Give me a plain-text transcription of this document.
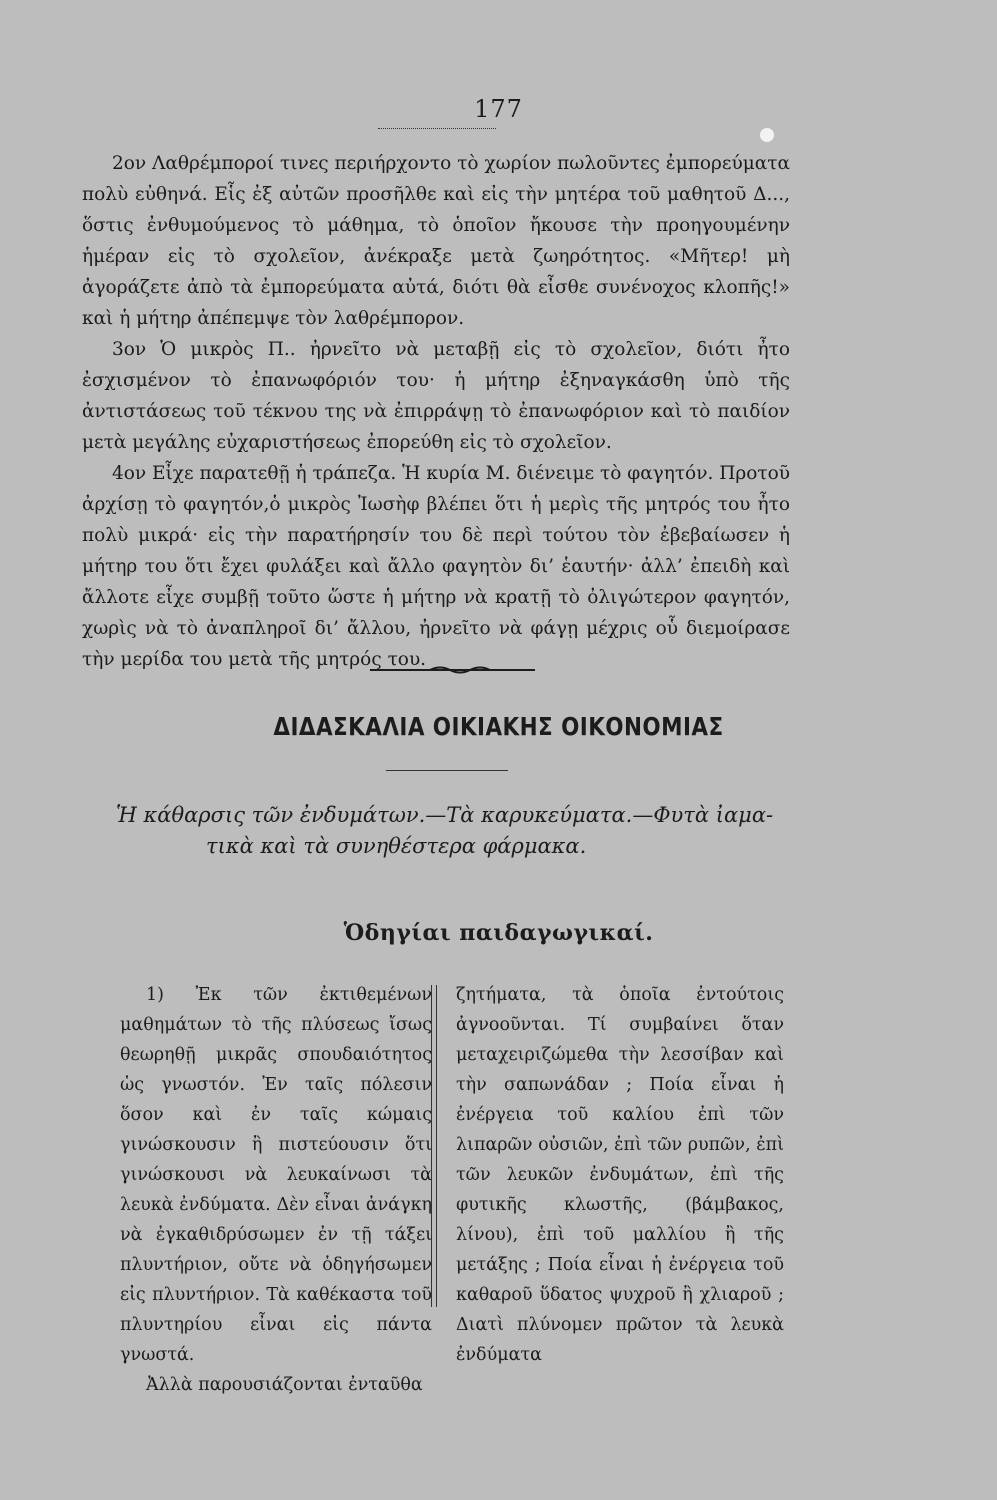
177

2ον Λαθρέμποροί τινες περιήρχοντο τὸ χωρίον πωλοῦντες ἐμπορεύματα πολὺ εὐθηνά. Εἷς ἐξ αὐτῶν προσῆλθε καὶ εἰς τὴν μητέρα τοῦ μαθητοῦ Δ..., ὅστις ἐνθυμούμενος τὸ μάθημα, τὸ ὁποῖον ἤκουσε τὴν προηγουμένην ἡμέραν εἰς τὸ σχολεῖον, ἀνέκραξε μετὰ ζωηρότητος. «Μῆτερ! μὴ ἀγοράζετε ἀπὸ τὰ ἐμπορεύματα αὐτά, διότι θὰ εἶσθε συνένοχος κλοπῆς!» καὶ ἡ μήτηρ ἀπέπεμψε τὸν λαθρέμπορον.

3ον Ὁ μικρὸς Π.. ἠρνεῖτο νὰ μεταβῇ εἰς τὸ σχολεῖον, διότι ἦτο ἐσχισμένον τὸ ἐπανωφόριόν του· ἡ μήτηρ ἐξηναγκάσθη ὑπὸ τῆς ἀντιστάσεως τοῦ τέκνου της νὰ ἐπιρράψῃ τὸ ἐπανωφόριον καὶ τὸ παιδίον μετὰ μεγάλης εὐχαριστήσεως ἐπορεύθη εἰς τὸ σχολεῖον.

4ον Εἶχε παρατεθῇ ἡ τράπεζα. Ἡ κυρία Μ. διένειμε τὸ φαγητόν. Προτοῦ ἀρχίσῃ τὸ φαγητόν,ὁ μικρὸς Ἰωσὴφ βλέπει ὅτι ἡ μερὶς τῆς μητρός του ἦτο πολὺ μικρά· εἰς τὴν παρατήρησίν του δὲ περὶ τούτου τὸν ἐβεβαίωσεν ἡ μήτηρ του ὅτι ἔχει φυλάξει καὶ ἄλλο φαγητὸν δι’ ἑαυτήν· ἀλλ’ ἐπειδὴ καὶ ἄλλοτε εἶχε συμβῇ τοῦτο ὥστε ἡ μήτηρ νὰ κρατῇ τὸ ὀλιγώτερον φαγητόν, χωρὶς νὰ τὸ ἀναπληροῖ δι’ ἄλλου, ἠρνεῖτο νὰ φάγῃ μέχρις οὗ διεμοίρασε τὴν μερίδα του μετὰ τῆς μητρός του.

ΔΙΔΑΣΚΑΛΙΑ ΟΙΚΙΑΚΗΣ ΟΙΚΟΝΟΜΙΑΣ
Ἡ κάθαρσις τῶν ἐνδυμάτων.—Τὰ καρυκεύματα.—Φυτὰ ἰαμα-
τικὰ καὶ τὰ συνηθέστερα φάρμακα.
Ὁδηγίαι παιδαγωγικαί.

1) Ἐκ τῶν ἐκτιθεμένων μαθημάτων τὸ τῆς πλύσεως ἴσως θεωρηθῇ μικρᾶς σπουδαιότητος ὡς γνωστόν. Ἐν ταῖς πόλεσιν ὅσον καὶ ἐν ταῖς κώμαις γινώσκουσιν ἢ πιστεύουσιν ὅτι γινώσκουσι νὰ λευκαίνωσι τὰ λευκὰ ἐνδύματα. Δὲν εἶναι ἀνάγκη νὰ ἐγκαθιδρύσωμεν ἐν τῇ τάξει πλυντήριον, οὔτε νὰ ὁδηγήσωμεν εἰς πλυντήριον. Τὰ καθέκαστα τοῦ πλυντηρίου εἶναι εἰς πάντα γνωστά.

Ἀλλὰ παρουσιάζονται ἐνταῦθα

ζητήματα, τὰ ὁποῖα ἐντούτοις ἀγνοοῦνται. Τί συμβαίνει ὅταν μεταχειριζώμεθα τὴν λεσσίβαν καὶ τὴν σαπωνάδαν ; Ποία εἶναι ἡ ἐνέργεια τοῦ καλίου ἐπὶ τῶν λιπαρῶν οὐσιῶν, ἐπὶ τῶν ρυπῶν, ἐπὶ τῶν λευκῶν ἐνδυμάτων, ἐπὶ τῆς φυτικῆς κλωστῆς, (βάμβακος, λίνου), ἐπὶ τοῦ μαλλίου ἢ τῆς μετάξης ; Ποία εἶναι ἡ ἐνέργεια τοῦ καθαροῦ ὕδατος ψυχροῦ ἢ χλιαροῦ ; Διατὶ πλύνομεν πρῶτον τὰ λευκὰ ἐνδύματα
